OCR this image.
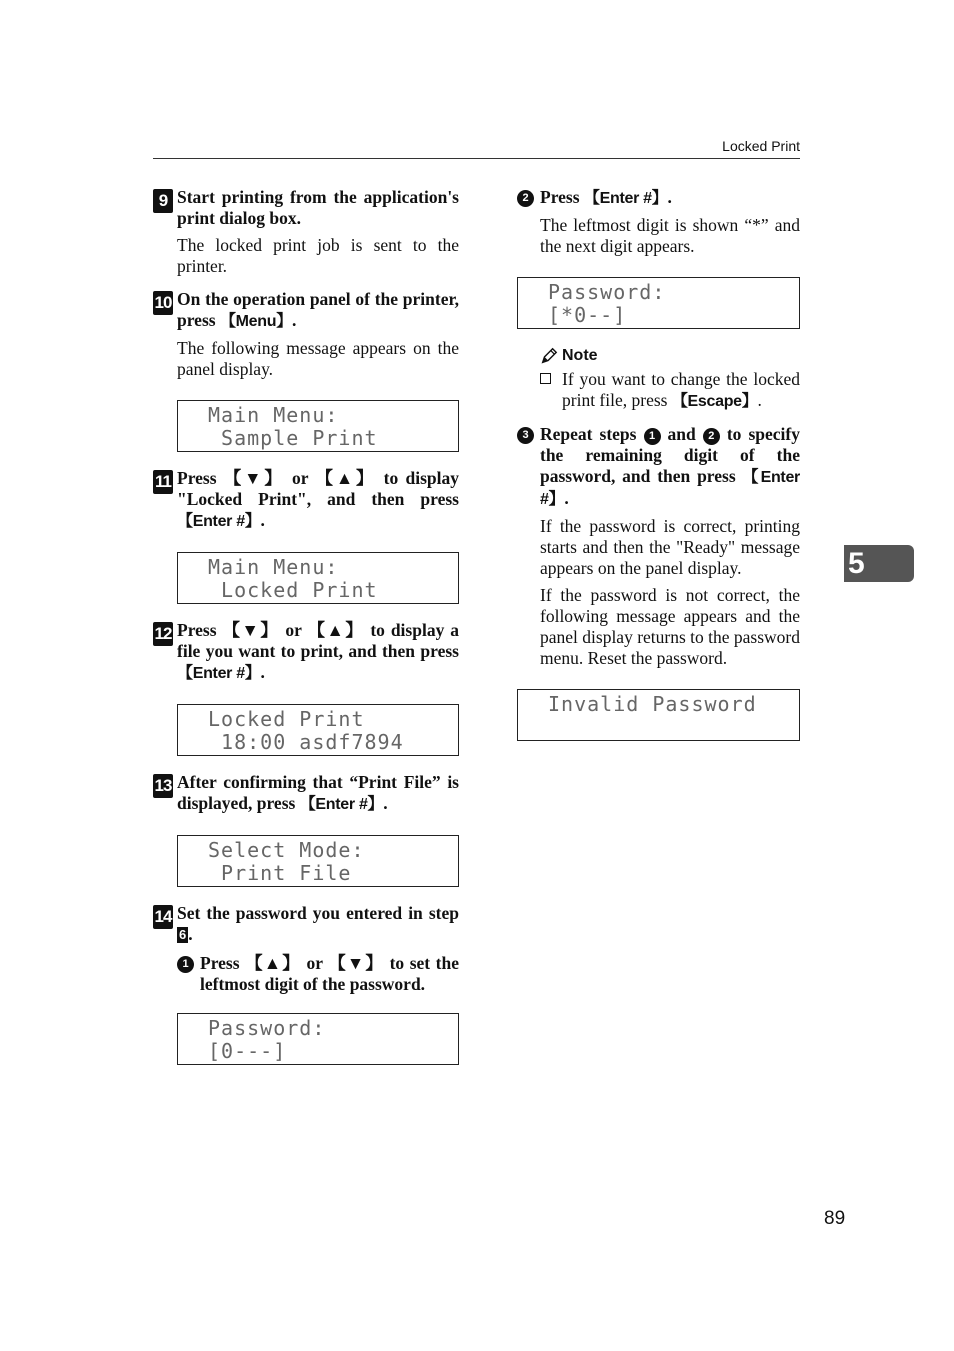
Locked Print
5
89
9 Start printing from the application's print dialog box.
The locked print job is sent to the printer.
10 On the operation panel of the printer, press 【Menu】.
The following message appears on the panel display.
Main Menu:
Sample Print
11 Press 【▼】 or 【▲】 to display "Locked Print", and then press 【Enter #】.
Main Menu:
Locked Print
12 Press 【▼】 or 【▲】 to display a file you want to print, and then press 【Enter #】.
Locked Print
18:00 asdf7894
13 After confirming that “Print File” is displayed, press 【Enter #】.
Select Mode:
Print File
14 Set the password you entered in step 6 .
1 Press 【▲】 or 【▼】 to set the leftmost digit of the password.
Password:
[0---]
2 Press 【Enter #】.
The leftmost digit is shown “*” and the next digit appears.
Password:
[*0--]
Note
If you want to change the locked print file, press 【Escape】.
3 Repeat steps 1 and 2 to specify the remaining digit of the password, and then press 【Enter #】.
If the password is correct, printing starts and then the "Ready" message appears on the panel display.
If the password is not correct, the following message appears and the panel display returns to the password menu. Reset the password.
Invalid Password
